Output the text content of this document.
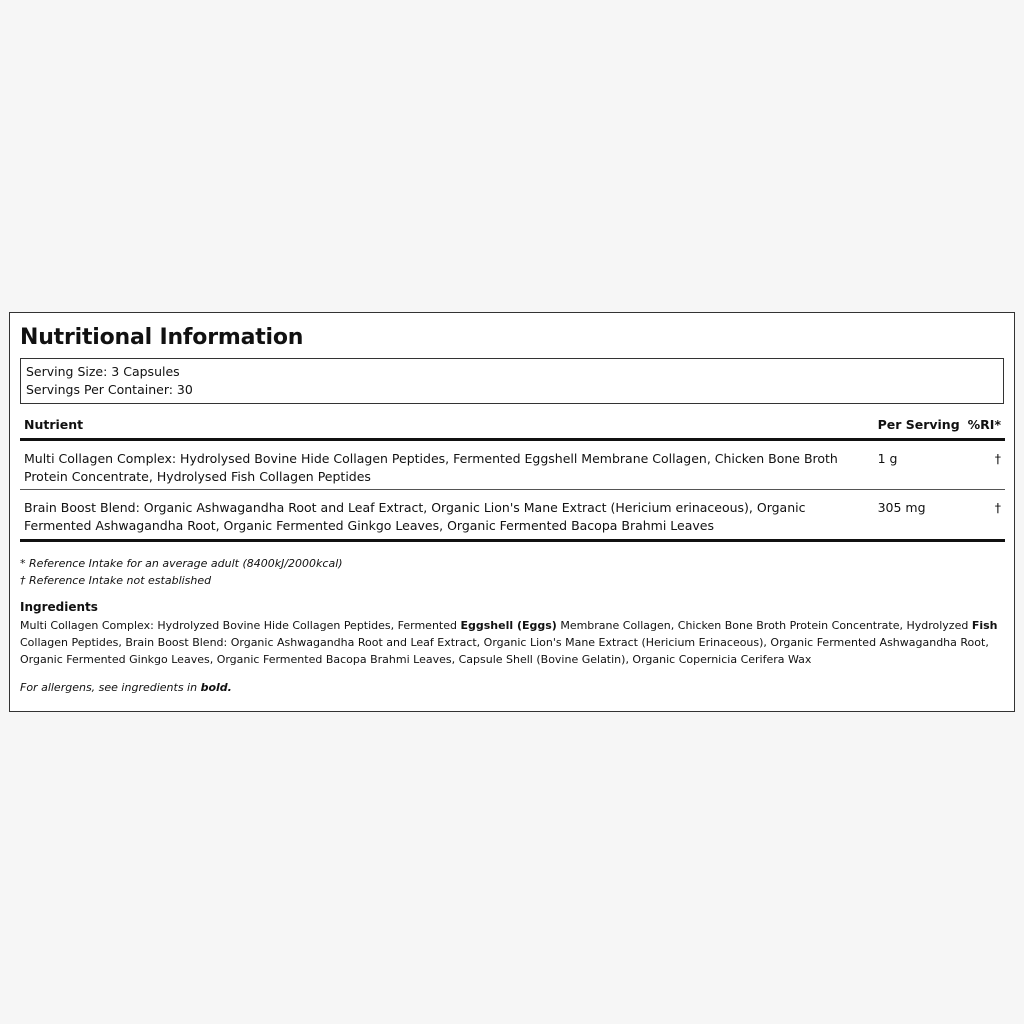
Nutritional Information
Serving Size: 3 Capsules
Servings Per Container: 30
Nutrient	Per Serving	%RI*
Multi Collagen Complex: Hydrolysed Bovine Hide Collagen Peptides, Fermented Eggshell Membrane Collagen, Chicken Bone Broth Protein Concentrate, Hydrolysed Fish Collagen Peptides	1 g	†
Brain Boost Blend: Organic Ashwagandha Root and Leaf Extract, Organic Lion's Mane Extract (Hericium erinaceous), Organic Fermented Ashwagandha Root, Organic Fermented Ginkgo Leaves, Organic Fermented Bacopa Brahmi Leaves	305 mg	†
* Reference Intake for an average adult (8400kJ/2000kcal)
† Reference Intake not established
Ingredients
Multi Collagen Complex: Hydrolyzed Bovine Hide Collagen Peptides, Fermented Eggshell (Eggs) Membrane Collagen, Chicken Bone Broth Protein Concentrate, Hydrolyzed Fish Collagen Peptides, Brain Boost Blend: Organic Ashwagandha Root and Leaf Extract, Organic Lion's Mane Extract (Hericium Erinaceous), Organic Fermented Ashwagandha Root, Organic Fermented Ginkgo Leaves, Organic Fermented Bacopa Brahmi Leaves, Capsule Shell (Bovine Gelatin), Organic Copernicia Cerifera Wax
For allergens, see ingredients in bold.
